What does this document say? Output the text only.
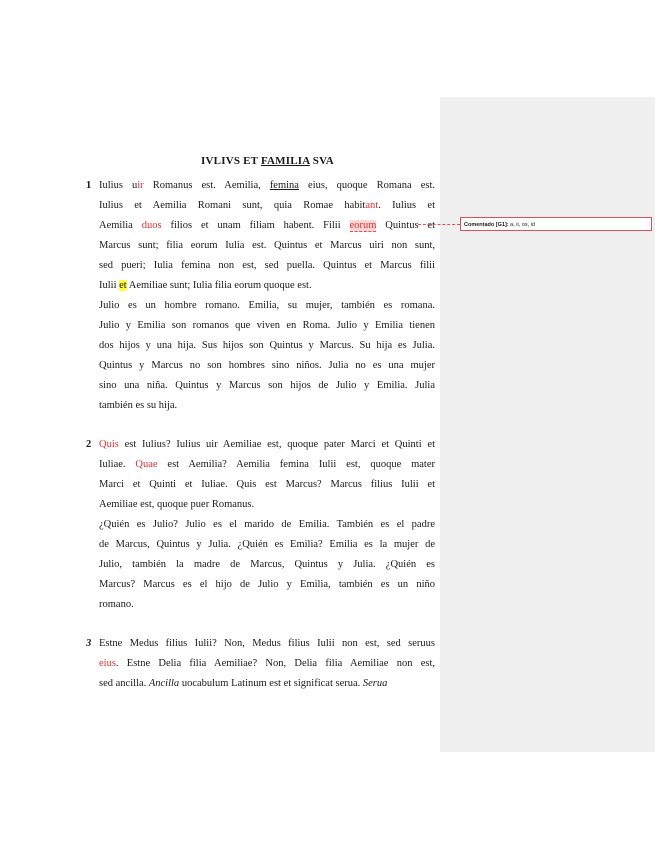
IVLIVS ET FAMILIA SVA
1 Iulius uir Romanus est. Aemilia, femina eius, quoque Romana est.
Iulius et Aemilia Romani sunt, quia Romae habitant. Iulius et
Aemilia duos filios et unam filiam habent. Filii eorum Quintus et
Marcus sunt; filia eorum Iulia est. Quintus et Marcus uiri non sunt,
sed pueri; Iulia femina non est, sed puella. Quintus et Marcus filii
Iulii et Aemiliae sunt; Iulia filia eorum quoque est.
Julio es un hombre romano. Emilia, su mujer, también es romana.
Julio y Emilia son romanos que viven en Roma. Julio y Emilia tienen
dos hijos y una hija. Sus hijos son Quintus y Marcus. Su hija es Julia.
Quintus y Marcus no son hombres sino niños. Julia no es una mujer
sino una niña. Quintus y Marcus son hijos de Julio y Emilia. Julia
también es su hija.
2 Quis est Iulius? Iulius uir Aemiliae est, quoque pater Marci et Quinti et
Iuliae. Quae est Aemilia? Aemilia femina Iulii est, quoque mater
Marci et Quinti et Iuliae. Quis est Marcus? Marcus filius Iulii et
Aemiliae est, quoque puer Romanus.
¿Quién es Julio? Julio es el marido de Emilia. También es el padre
de Marcus, Quintus y Julia. ¿Quién es Emilia? Emilia es la mujer de
Julio, también la madre de Marcus, Quintus y Julia. ¿Quién es
Marcus? Marcus es el hijo de Julio y Emilia, también es un niño
romano.
3 Estne Medus filius Iulii? Non, Medus filius Iulii non est, sed seruus
eius. Estne Delia filia Aemiliae? Non, Delia filia Aemiliae non est,
sed ancilla. Ancilla uocabulum Latinum est et significat serua. Serua
Comentado [G1]: a, ii, os, id
